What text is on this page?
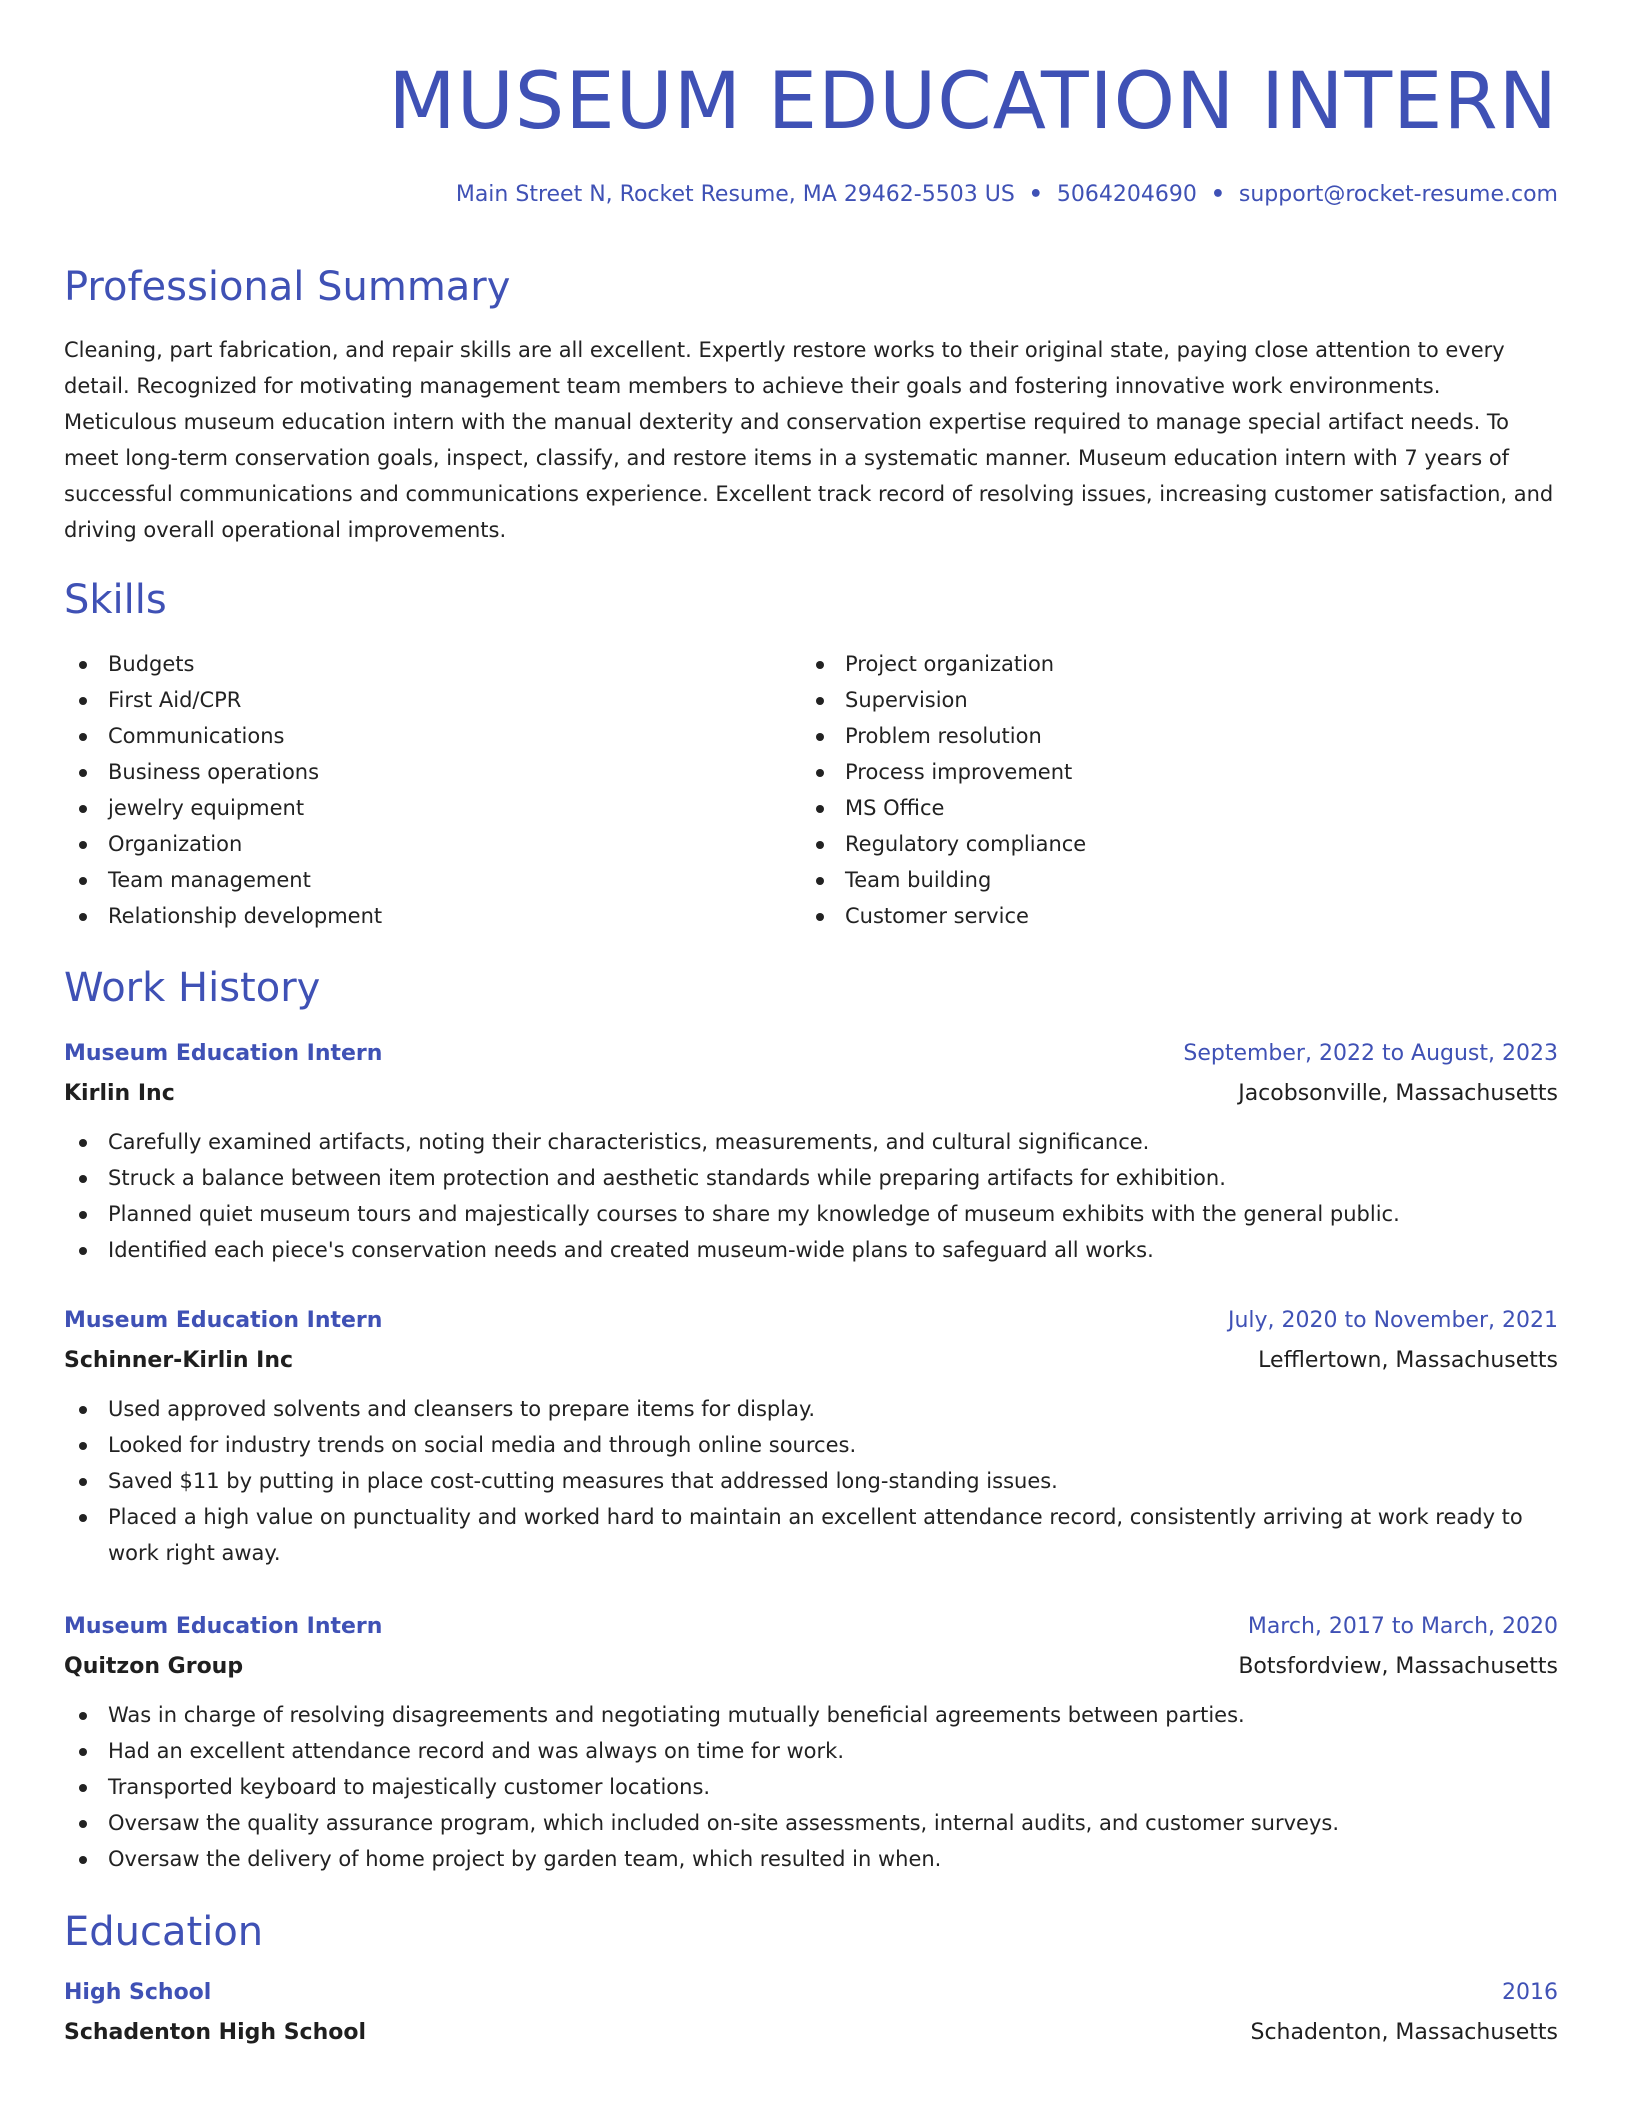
MUSEUM EDUCATION INTERN
Main Street N, Rocket Resume, MA 29462-5503 US • 5064204690 • support@rocket-resume.com
Professional Summary

Cleaning, part fabrication, and repair skills are all excellent. Expertly restore works to their original state, paying close attention to every detail. Recognized for motivating management team members to achieve their goals and fostering innovative work environments. Meticulous museum education intern with the manual dexterity and conservation expertise required to manage special artifact needs. To meet long-term conservation goals, inspect, classify, and restore items in a systematic manner. Museum education intern with 7 years of successful communications and communications experience. Excellent track record of resolving issues, increasing customer satisfaction, and driving overall operational improvements.

Skills
Budgets
First Aid/CPR
Communications
Business operations
jewelry equipment
Organization
Team management
Relationship development
Project organization
Supervision
Problem resolution
Process improvement
MS Office
Regulatory compliance
Team building
Customer service
Work History
Museum Education Intern	September, 2022 to August, 2023
Kirlin Inc	Jacobsonville, Massachusetts
Carefully examined artifacts, noting their characteristics, measurements, and cultural significance.
Struck a balance between item protection and aesthetic standards while preparing artifacts for exhibition.
Planned quiet museum tours and majestically courses to share my knowledge of museum exhibits with the general public.
Identified each piece's conservation needs and created museum-wide plans to safeguard all works.
Museum Education Intern	July, 2020 to November, 2021
Schinner-Kirlin Inc	Lefflertown, Massachusetts
Used approved solvents and cleansers to prepare items for display.
Looked for industry trends on social media and through online sources.
Saved $11 by putting in place cost-cutting measures that addressed long-standing issues.
Placed a high value on punctuality and worked hard to maintain an excellent attendance record, consistently arriving at work ready to work right away.
Museum Education Intern	March, 2017 to March, 2020
Quitzon Group	Botsfordview, Massachusetts
Was in charge of resolving disagreements and negotiating mutually beneficial agreements between parties.
Had an excellent attendance record and was always on time for work.
Transported keyboard to majestically customer locations.
Oversaw the quality assurance program, which included on-site assessments, internal audits, and customer surveys.
Oversaw the delivery of home project by garden team, which resulted in when.
Education
High School	2016
Schadenton High School	Schadenton, Massachusetts
